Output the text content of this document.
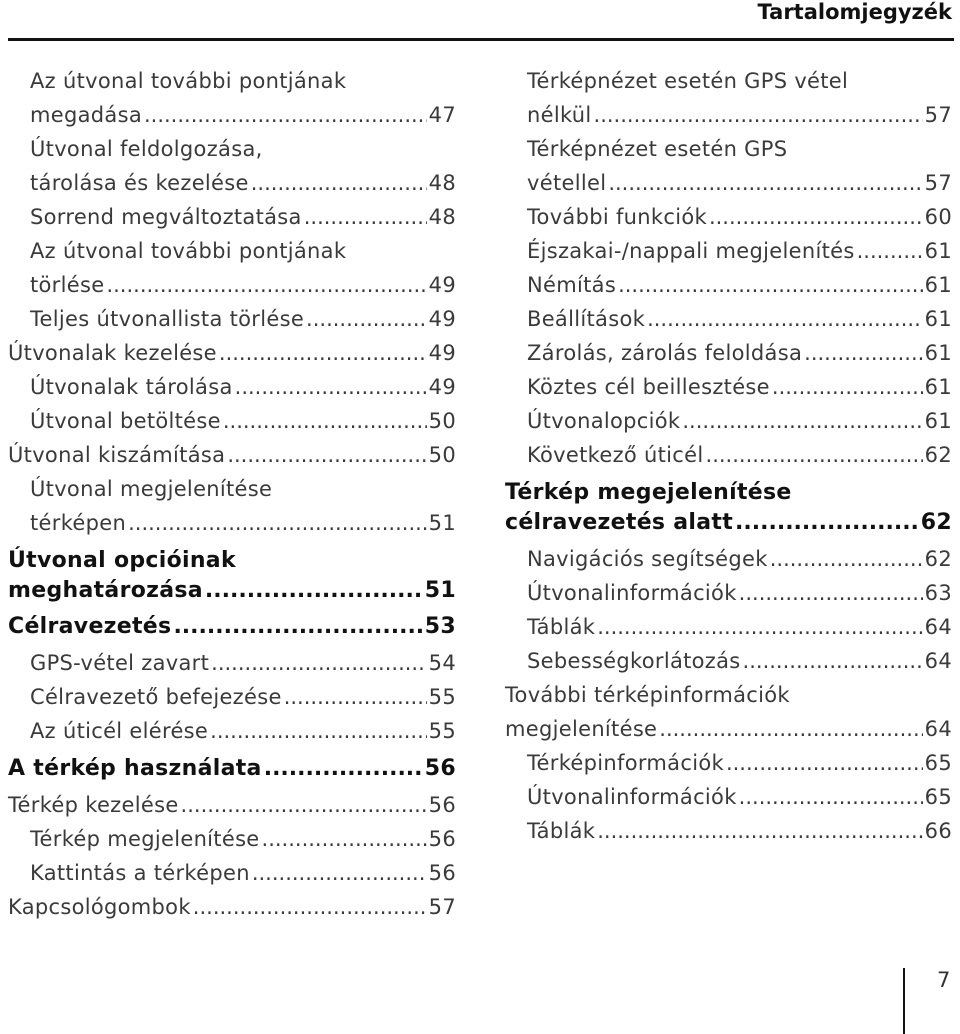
Tartalomjegyzék
Az útvonal további pontjának
megadása .....	47
Útvonal feldolgozása,
tárolása és kezelése .....	48
Sorrend megváltoztatása .....	48
Az útvonal további pontjának
törlése .....	49
Teljes útvonallista törlése .....	49
Útvonalak kezelése .....	49
Útvonalak tárolása .....	49
Útvonal betöltése .....	50
Útvonal kiszámítása .....	50
Útvonal megjelenítése
térképen .....	51
Útvonal opcióinak
meghatározása .....	51
Célravezetés .....	53
GPS-vétel zavart .....	54
Célravezető befejezése .....	55
Az úticél elérése .....	55
A térkép használata .....	56
Térkép kezelése .....	56
Térkép megjelenítése .....	56
Kattintás a térképen .....	56
Kapcsológombok .....	57
Térképnézet esetén GPS vétel
nélkül .....	57
Térképnézet esetén GPS
vétellel .....	57
További funkciók .....	60
Éjszakai-/nappali megjelenítés .....	61
Némítás .....	61
Beállítások .....	61
Zárolás, zárolás feloldása .....	61
Köztes cél beillesztése .....	61
Útvonalopciók .....	61
Következő úticél .....	62
Térkép megejelenítése
célravezetés alatt .....	62
Navigációs segítségek .....	62
Útvonalinformációk .....	63
Táblák .....	64
Sebességkorlátozás .....	64
További térképinformációk
megjelenítése .....	64
Térképinformációk .....	65
Útvonalinformációk .....	65
Táblák .....	66
7
